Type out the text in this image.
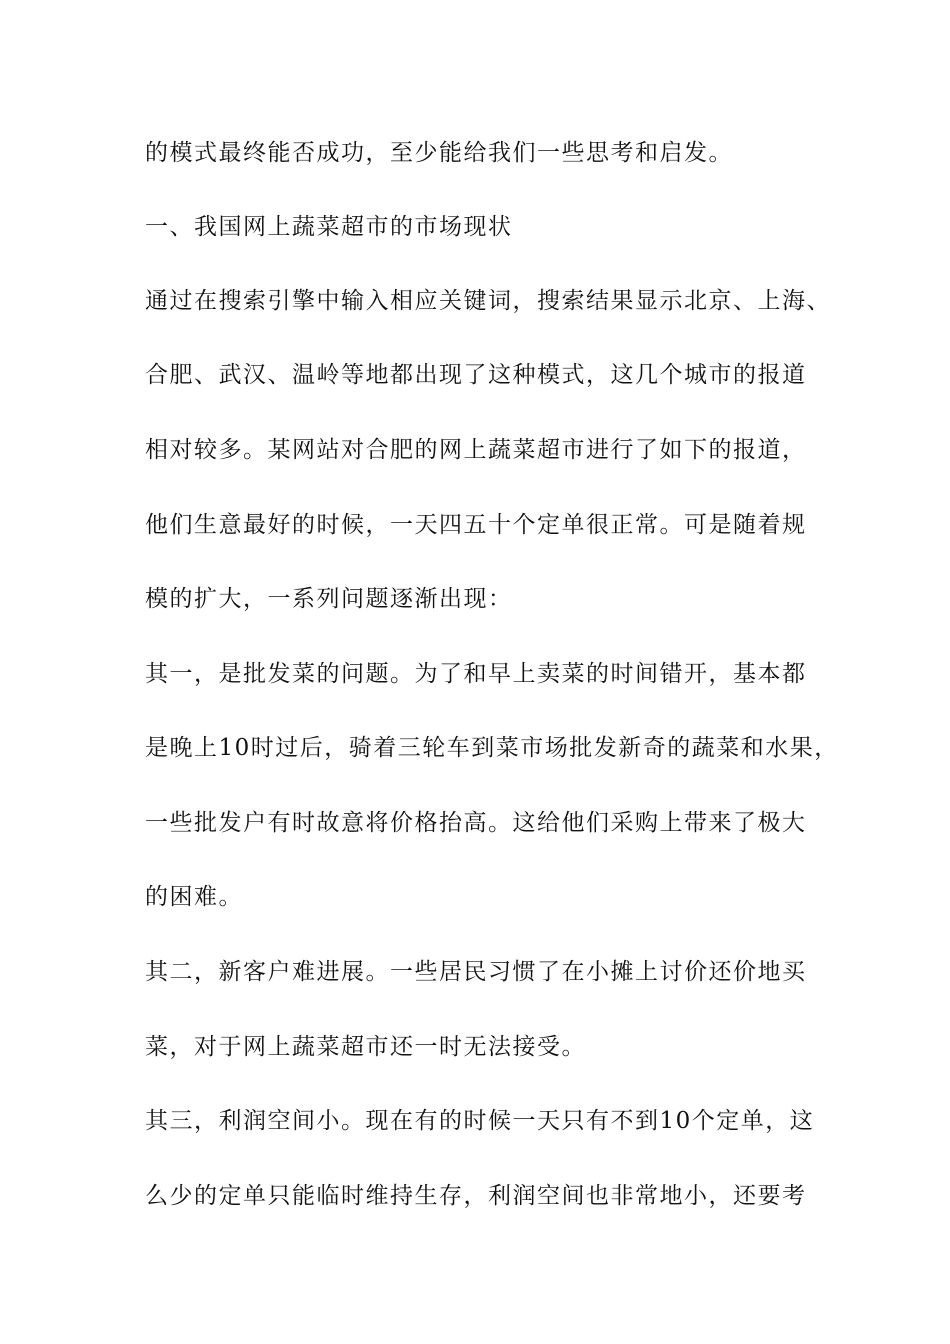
的模式最终能否成功，至少能给我们一些思考和启发。
一、我国网上蔬菜超市的市场现状
通过在搜索引擎中输入相应关键词，搜索结果显示北京、上海、
合肥、武汉、温岭等地都出现了这种模式，这几个城市的报道
相对较多。某网站对合肥的网上蔬菜超市进行了如下的报道，
他们生意最好的时候，一天四五十个定单很正常。可是随着规
模的扩大，一系列问题逐渐出现：
其一，是批发菜的问题。为了和早上卖菜的时间错开，基本都
是晚上10时过后，骑着三轮车到菜市场批发新奇的蔬菜和水果，
一些批发户有时故意将价格抬高。这给他们采购上带来了极大
的困难。
其二，新客户难进展。一些居民习惯了在小摊上讨价还价地买
菜，对于网上蔬菜超市还一时无法接受。
其三，利润空间小。现在有的时候一天只有不到10个定单，这
么少的定单只能临时维持生存，利润空间也非常地小，还要考
